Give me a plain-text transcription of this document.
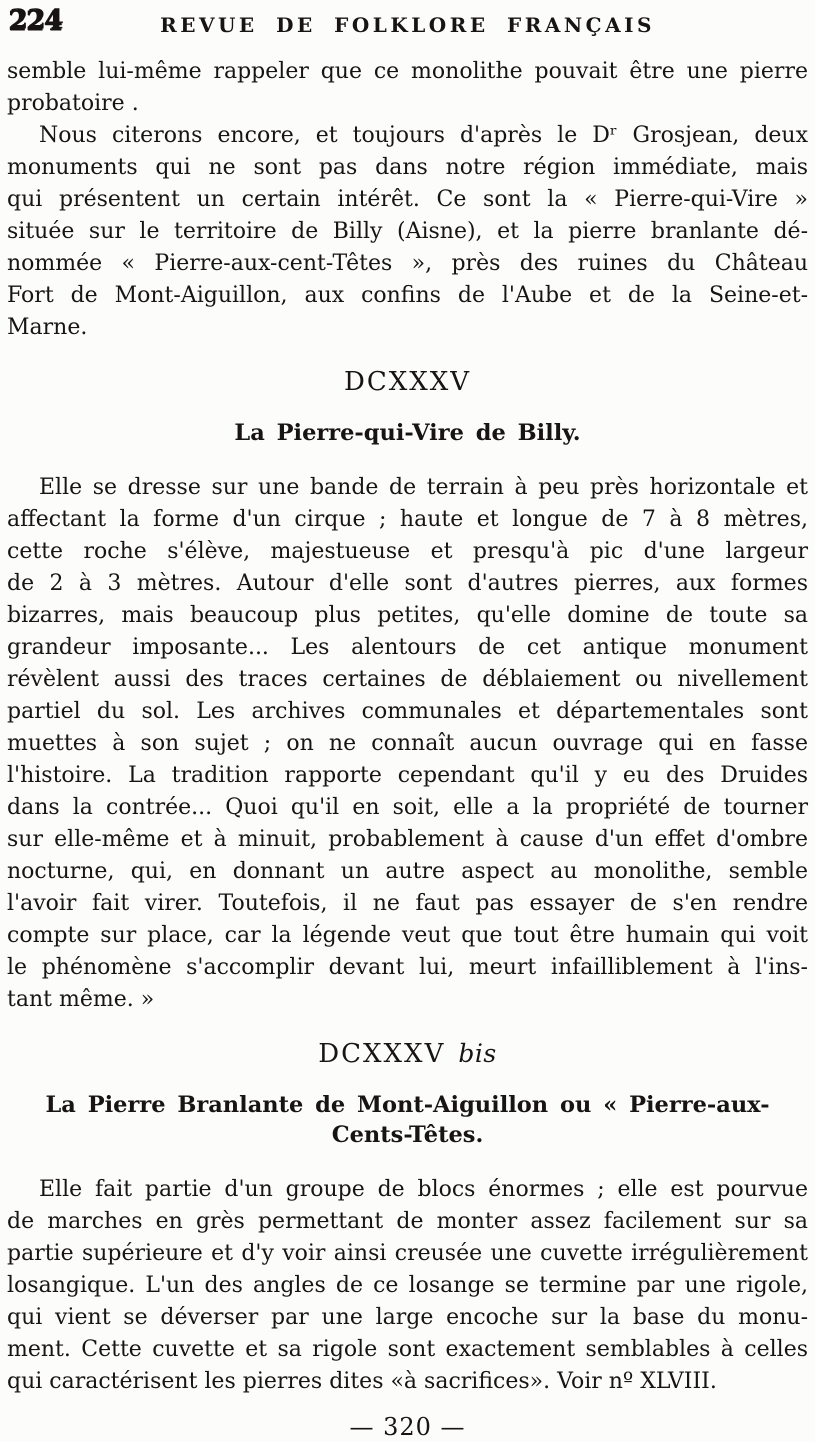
224	REVUE DE FOLKLORE FRANÇAIS
semble lui-même rappeler que ce monolithe pouvait être une pierre
probatoire .
Nous citerons encore, et toujours d'après le Dʳ Grosjean, deux
monuments qui ne sont pas dans notre région immédiate, mais
qui présentent un certain intérêt. Ce sont la « Pierre-qui-Vire »
située sur le territoire de Billy (Aisne), et la pierre branlante dé-
nommée « Pierre-aux-cent-Têtes », près des ruines du Château
Fort de Mont-Aiguillon, aux confins de l'Aube et de la Seine-et-
Marne.
DCXXXV
La Pierre-qui-Vire de Billy.
Elle se dresse sur une bande de terrain à peu près horizontale et
affectant la forme d'un cirque ; haute et longue de 7 à 8 mètres,
cette roche s'élève, majestueuse et presqu'à pic d'une largeur
de 2 à 3 mètres. Autour d'elle sont d'autres pierres, aux formes
bizarres, mais beaucoup plus petites, qu'elle domine de toute sa
grandeur imposante... Les alentours de cet antique monument
révèlent aussi des traces certaines de déblaiement ou nivellement
partiel du sol. Les archives communales et départementales sont
muettes à son sujet ; on ne connaît aucun ouvrage qui en fasse
l'histoire. La tradition rapporte cependant qu'il y eu des Druides
dans la contrée... Quoi qu'il en soit, elle a la propriété de tourner
sur elle-même et à minuit, probablement à cause d'un effet d'ombre
nocturne, qui, en donnant un autre aspect au monolithe, semble
l'avoir fait virer. Toutefois, il ne faut pas essayer de s'en rendre
compte sur place, car la légende veut que tout être humain qui voit
le phénomène s'accomplir devant lui, meurt infailliblement à l'ins-
tant même. »
DCXXXV bis
La Pierre Branlante de Mont-Aiguillon ou « Pierre-aux-Cents-Têtes.
Elle fait partie d'un groupe de blocs énormes ; elle est pourvue
de marches en grès permettant de monter assez facilement sur sa
partie supérieure et d'y voir ainsi creusée une cuvette irrégulièrement
losangique. L'un des angles de ce losange se termine par une rigole,
qui vient se déverser par une large encoche sur la base du monu-
ment. Cette cuvette et sa rigole sont exactement semblables à celles
qui caractérisent les pierres dites «à sacrifices». Voir nº XLVIII.
— 320 —
